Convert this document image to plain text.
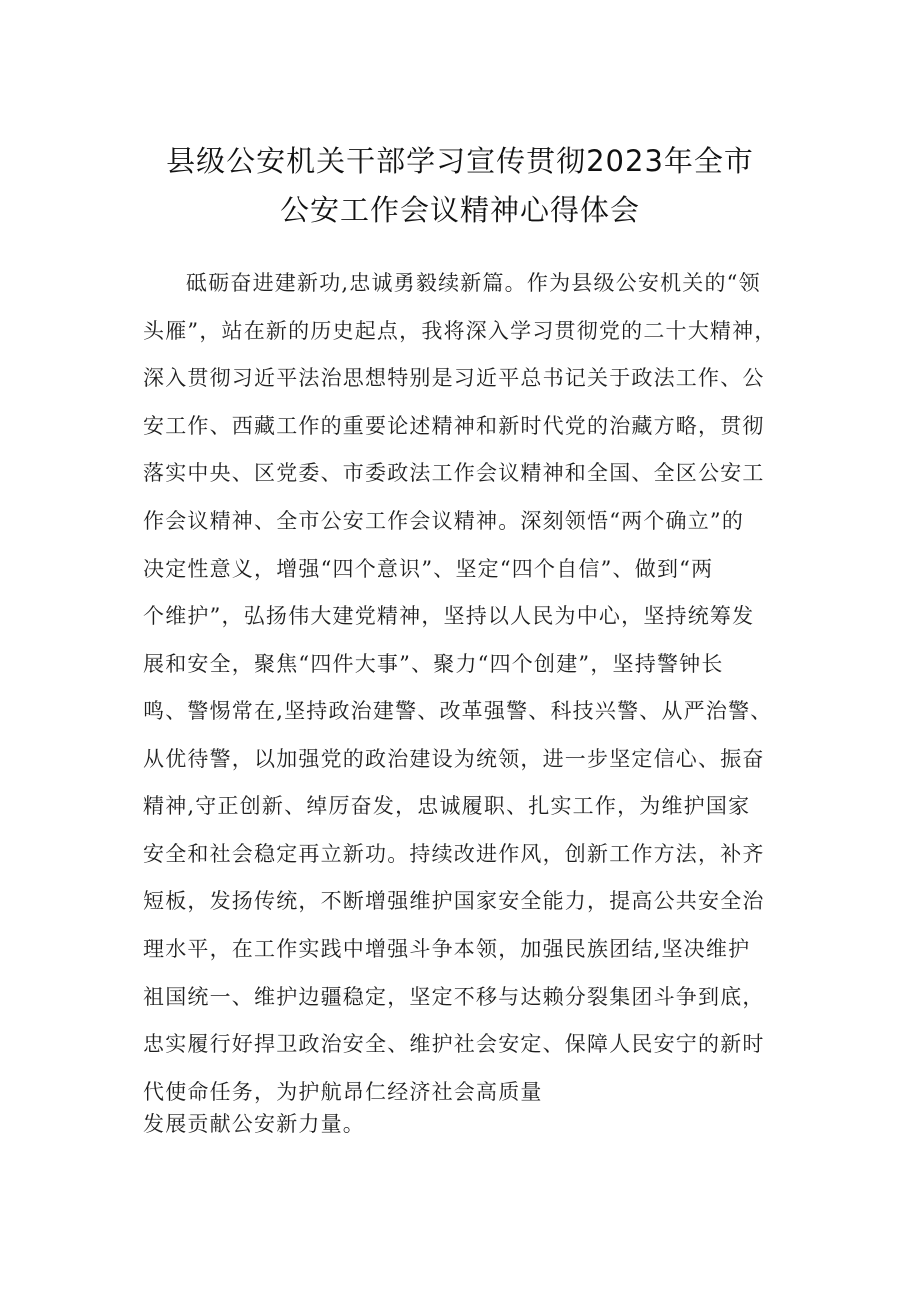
县级公安机关干部学习宣传贯彻2023年全市
公安工作会议精神心得体会

砥砺奋进建新功,忠诚勇毅续新篇。作为县级公安机关的“领

头雁”，站在新的历史起点，我将深入学习贯彻党的二十大精神，

深入贯彻习近平法治思想特别是习近平总书记关于政法工作、公

安工作、西藏工作的重要论述精神和新时代党的治藏方略，贯彻

落实中央、区党委、市委政法工作会议精神和全国、全区公安工

作会议精神、全市公安工作会议精神。深刻领悟“两个确立”的

决定性意义，增强“四个意识”、坚定“四个自信”、做到“两

个维护”，弘扬伟大建党精神，坚持以人民为中心，坚持统筹发

展和安全，聚焦“四件大事”、聚力“四个创建”，坚持警钟长

鸣、警惕常在,坚持政治建警、改革强警、科技兴警、从严治警、

从优待警，以加强党的政治建设为统领，进一步坚定信心、振奋

精神,守正创新、绰厉奋发，忠诚履职、扎实工作，为维护国家

安全和社会稳定再立新功。持续改进作风，创新工作方法，补齐

短板，发扬传统，不断增强维护国家安全能力，提高公共安全治

理水平，在工作实践中增强斗争本领，加强民族团结,坚决维护

祖国统一、维护边疆稳定，坚定不移与达赖分裂集团斗争到底，

忠实履行好捍卫政治安全、维护社会安定、保障人民安宁的新时

代使命任务，为护航昂仁经济社会高质量

发展贡献公安新力量。
